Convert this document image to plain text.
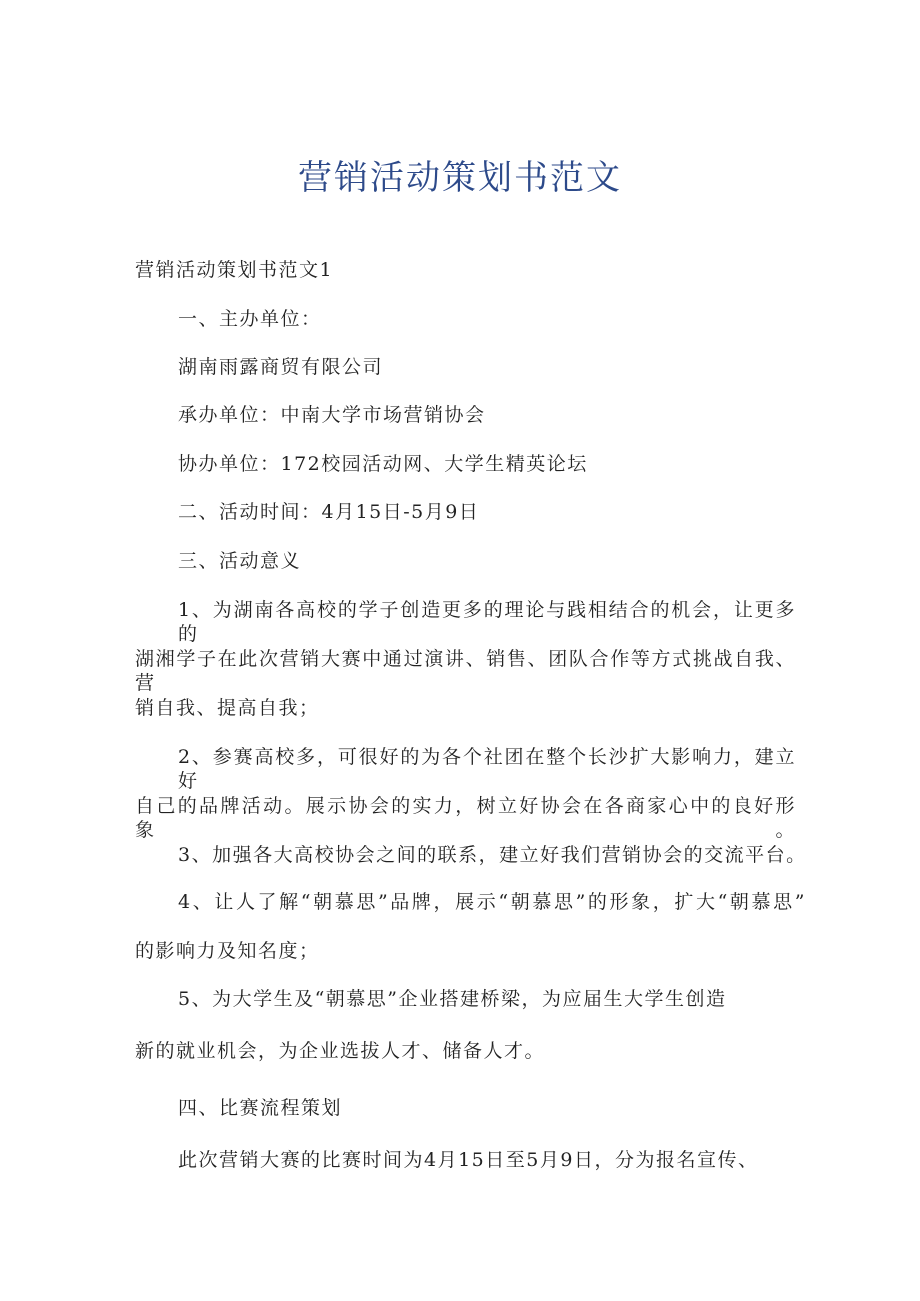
营销活动策划书范文
营销活动策划书范文1
一、主办单位：
湖南雨露商贸有限公司
承办单位：中南大学市场营销协会
协办单位：172校园活动网、大学生精英论坛
二、活动时间：4月15日-5月9日
三、活动意义
1、为湖南各高校的学子创造更多的理论与践相结合的机会，让更多的
湖湘学子在此次营销大赛中通过演讲、销售、团队合作等方式挑战自我、营
销自我、提高自我；
2、参赛高校多，可很好的为各个社团在整个长沙扩大影响力，建立好
自己的品牌活动。展示协会的实力，树立好协会在各商家心中的良好形象。
3、加强各大高校协会之间的联系，建立好我们营销协会的交流平台。
4、让人了解“朝慕思”品牌，展示“朝慕思”的形象，扩大“朝慕思”
的影响力及知名度；
5、为大学生及“朝慕思”企业搭建桥梁，为应届生大学生创造
新的就业机会，为企业选拔人才、储备人才。
四、比赛流程策划
此次营销大赛的比赛时间为4月15日至5月9日，分为报名宣传、
